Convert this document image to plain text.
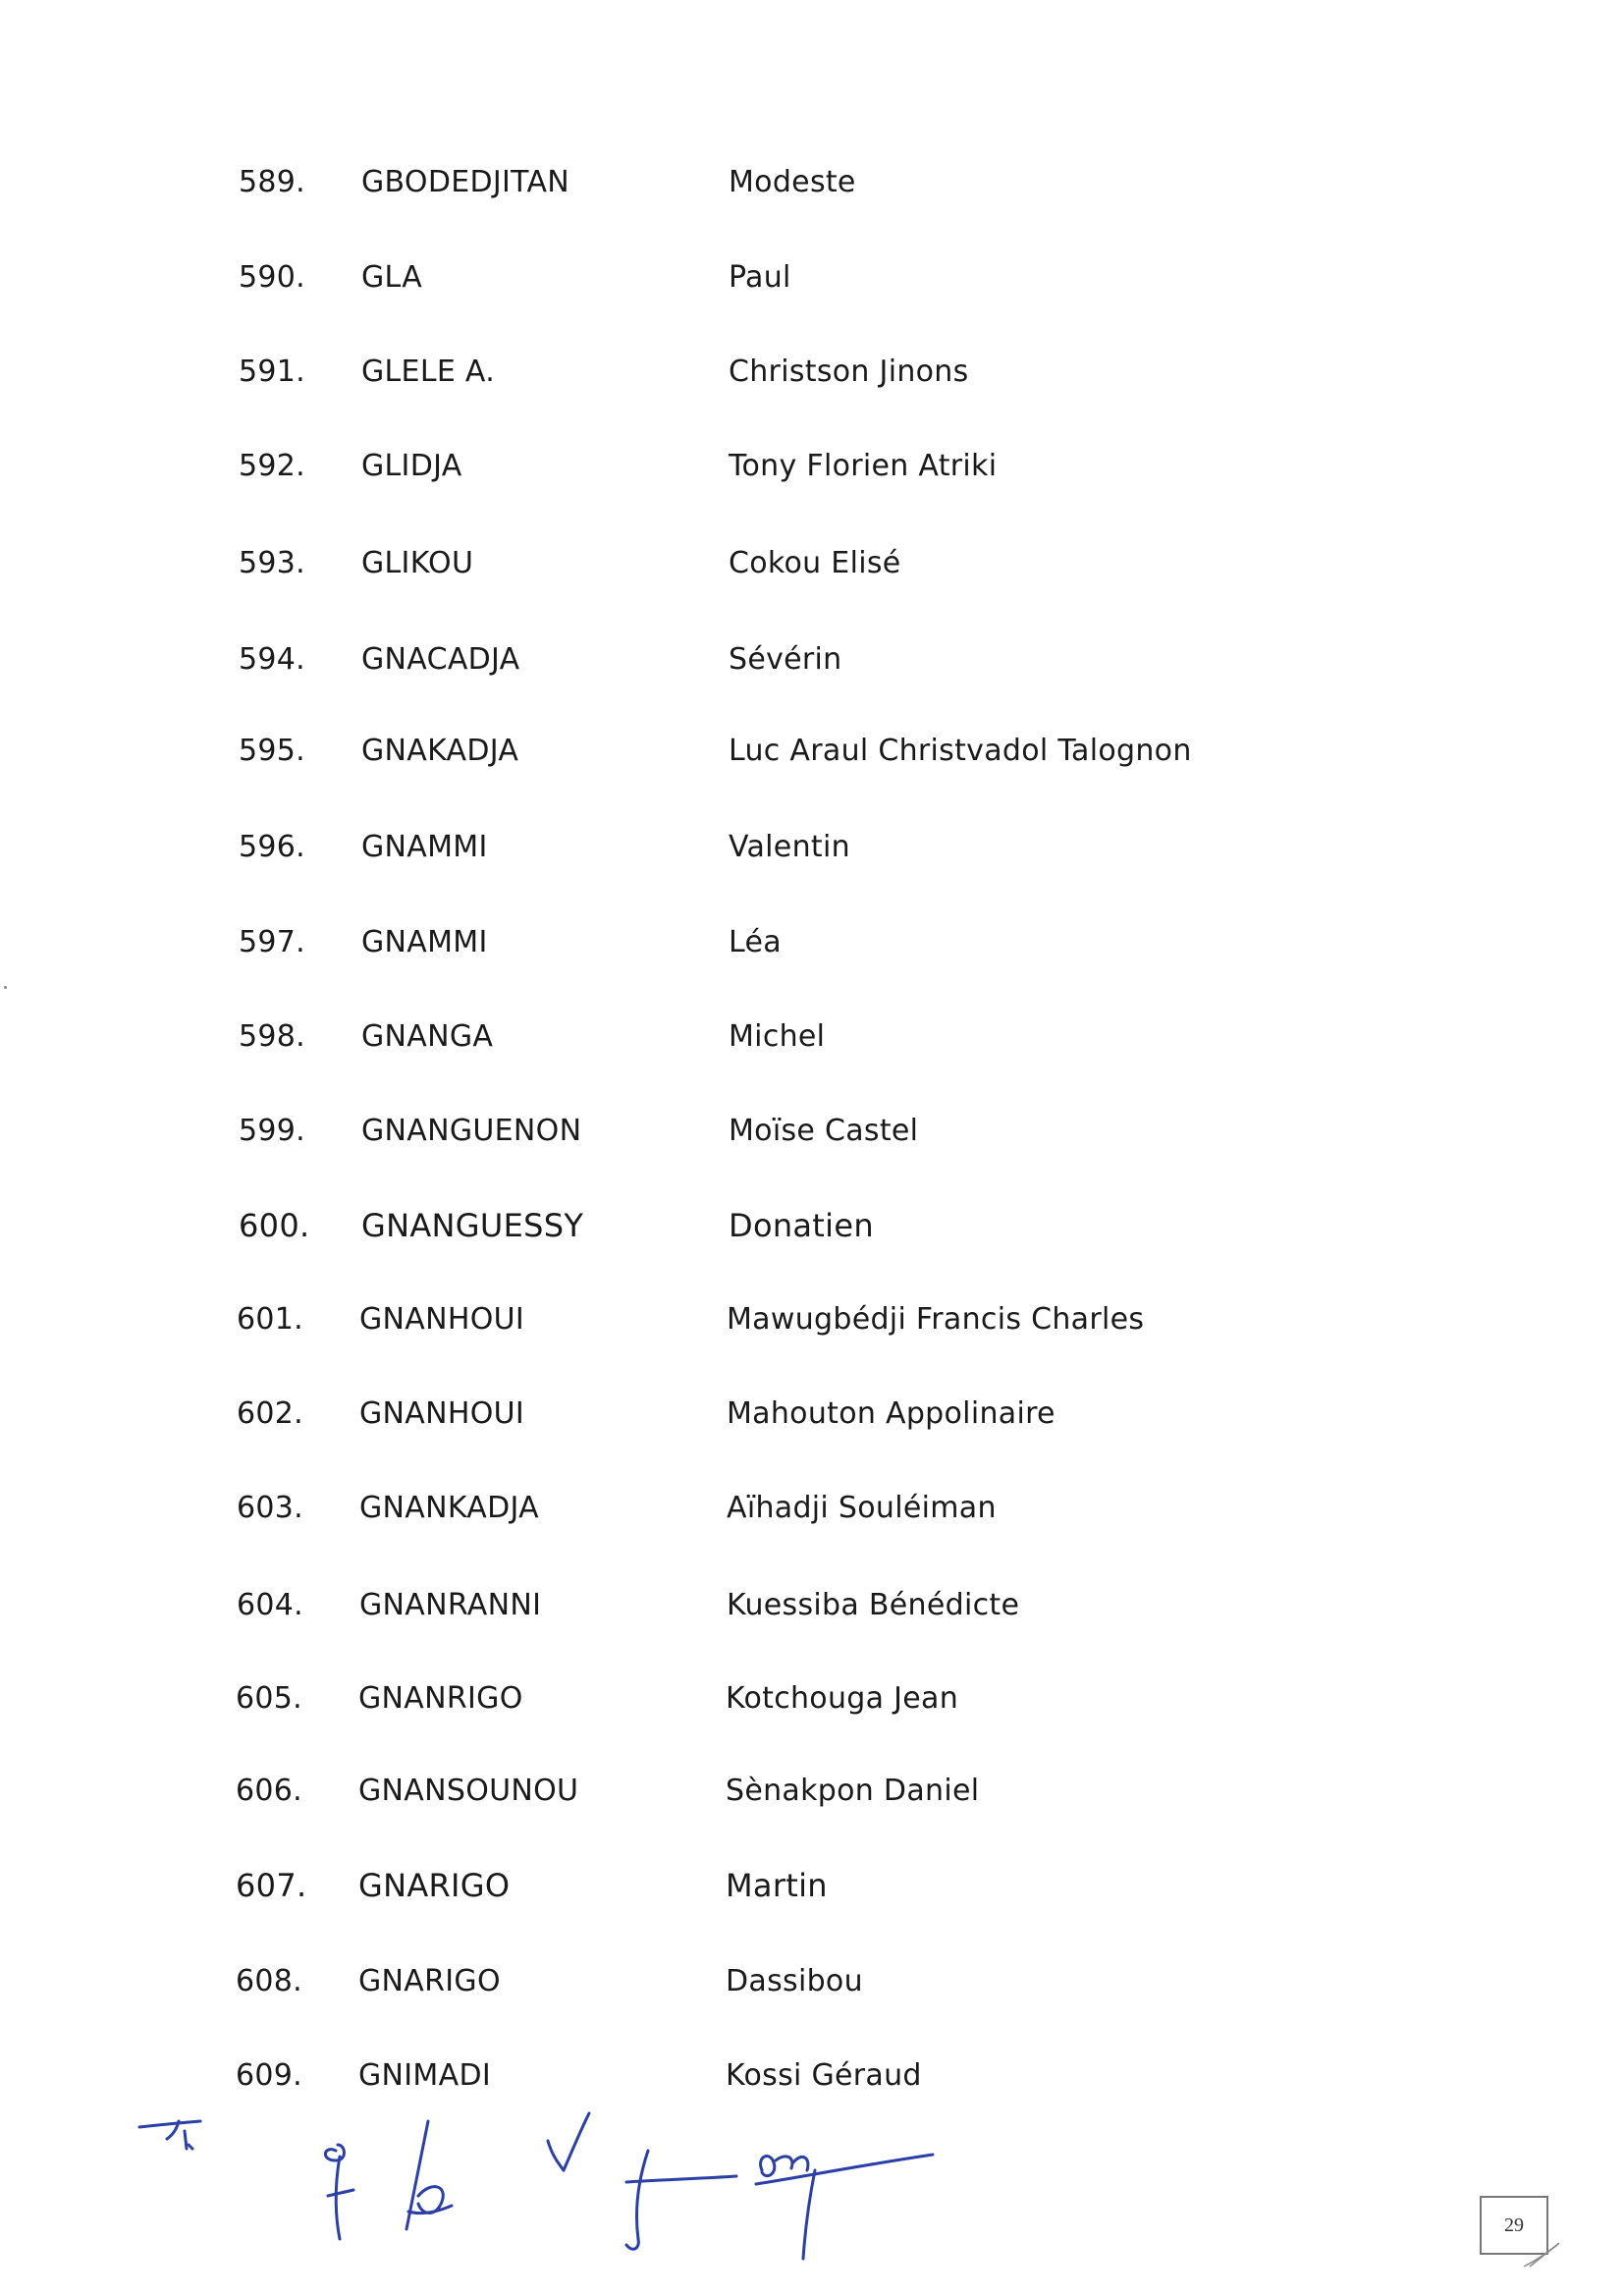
589. GBODEDJITAN	Modeste
590. GLA	Paul
591. GLELE A.	Christson Jinons
592. GLIDJA	Tony Florien Atriki
593. GLIKOU	Cokou Elisé
594. GNACADJA	Sévérin
595. GNAKADJA	Luc Araul Christvadol Talognon
596. GNAMMI	Valentin
597. GNAMMI	Léa
598. GNANGA	Michel
599. GNANGUENON	Moïse Castel
600. GNANGUESSY	Donatien
601. GNANHOUI	Mawugbédji Francis Charles
602. GNANHOUI	Mahouton Appolinaire
603. GNANKADJA	Aïhadji Souléiman
604. GNANRANNI	Kuessiba Bénédicte
605. GNANRIGO	Kotchouga Jean
606. GNANSOUNOU	Sènakpon Daniel
607. GNARIGO	Martin
608. GNARIGO	Dassibou
609. GNIMADI	Kossi Géraud
29
